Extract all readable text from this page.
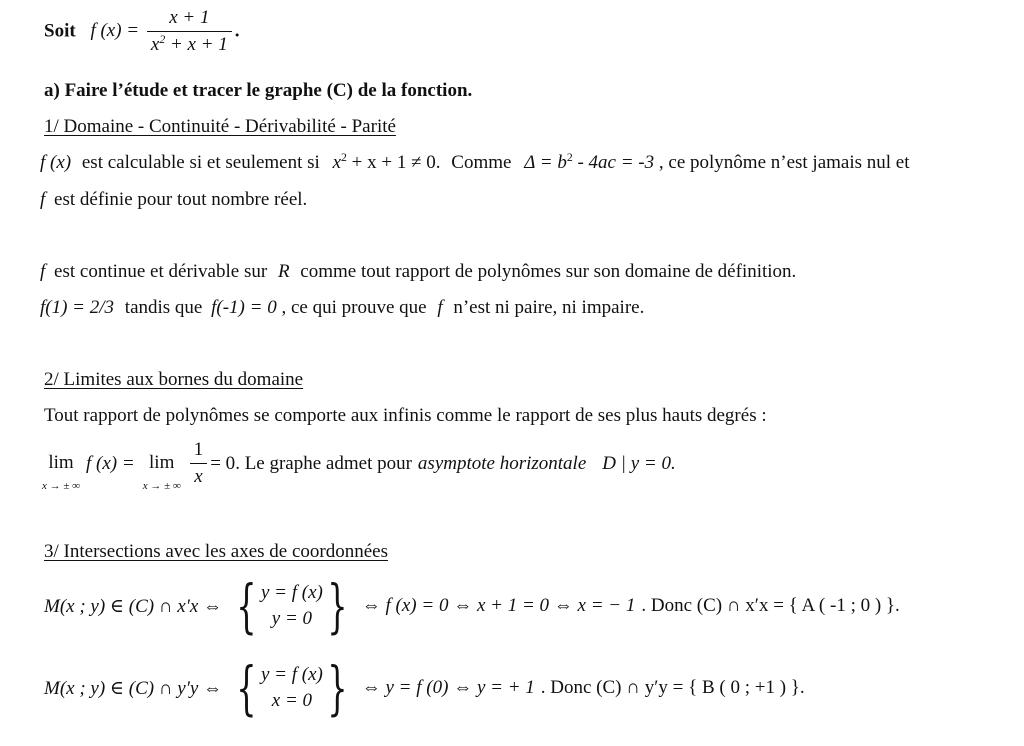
Soit f $(x) = \frac{x + 1}{x^2 + x + 1}$ .
a) Faire l’étude et tracer le graphe (C) de la fonction.
1/ Domaine - Continuité - Dérivabilité - Parité
f (x) est calculable si et seulement si $x^2 + x + 1 \ne 0$. Comme $\Delta = b^2 - 4ac = -3$ , ce polynôme n’est jamais nul et
f est définie pour tout nombre réel.
f est continue et dérivable sur R comme tout rapport de polynômes sur son domaine de définition.
f(1) = 2/3 tandis que f(-1) = 0 , ce qui prouve que f n’est ni paire, ni impaire.
2/ Limites aux bornes du domaine
Tout rapport de polynômes se comporte aux infinis comme le rapport de ses plus hauts degrés :
lim
x → ± ∞
f (x) = lim
x → ± ∞ $\frac{1}{x} = 0$ . Le graphe admet pour asymptote horizontale D | y = 0.
3/ Intersections avec les axes de coordonnées
M(x ; y) ∈ (C) ∩ x′x ⇔ { y = f (x)
y = 0 } ⇔ f (x) = 0 ⇔ x + 1 = 0 ⇔ x = − 1 . Donc (C) ∩ x′x = { A ( -1 ; 0 ) }.
M(x ; y) ∈ (C) ∩ y′y ⇔ { y = f (x)
x = 0 } ⇔ y = f (0) ⇔ y = + 1 . Donc (C) ∩ y′y = { B ( 0 ; +1 ) }.
